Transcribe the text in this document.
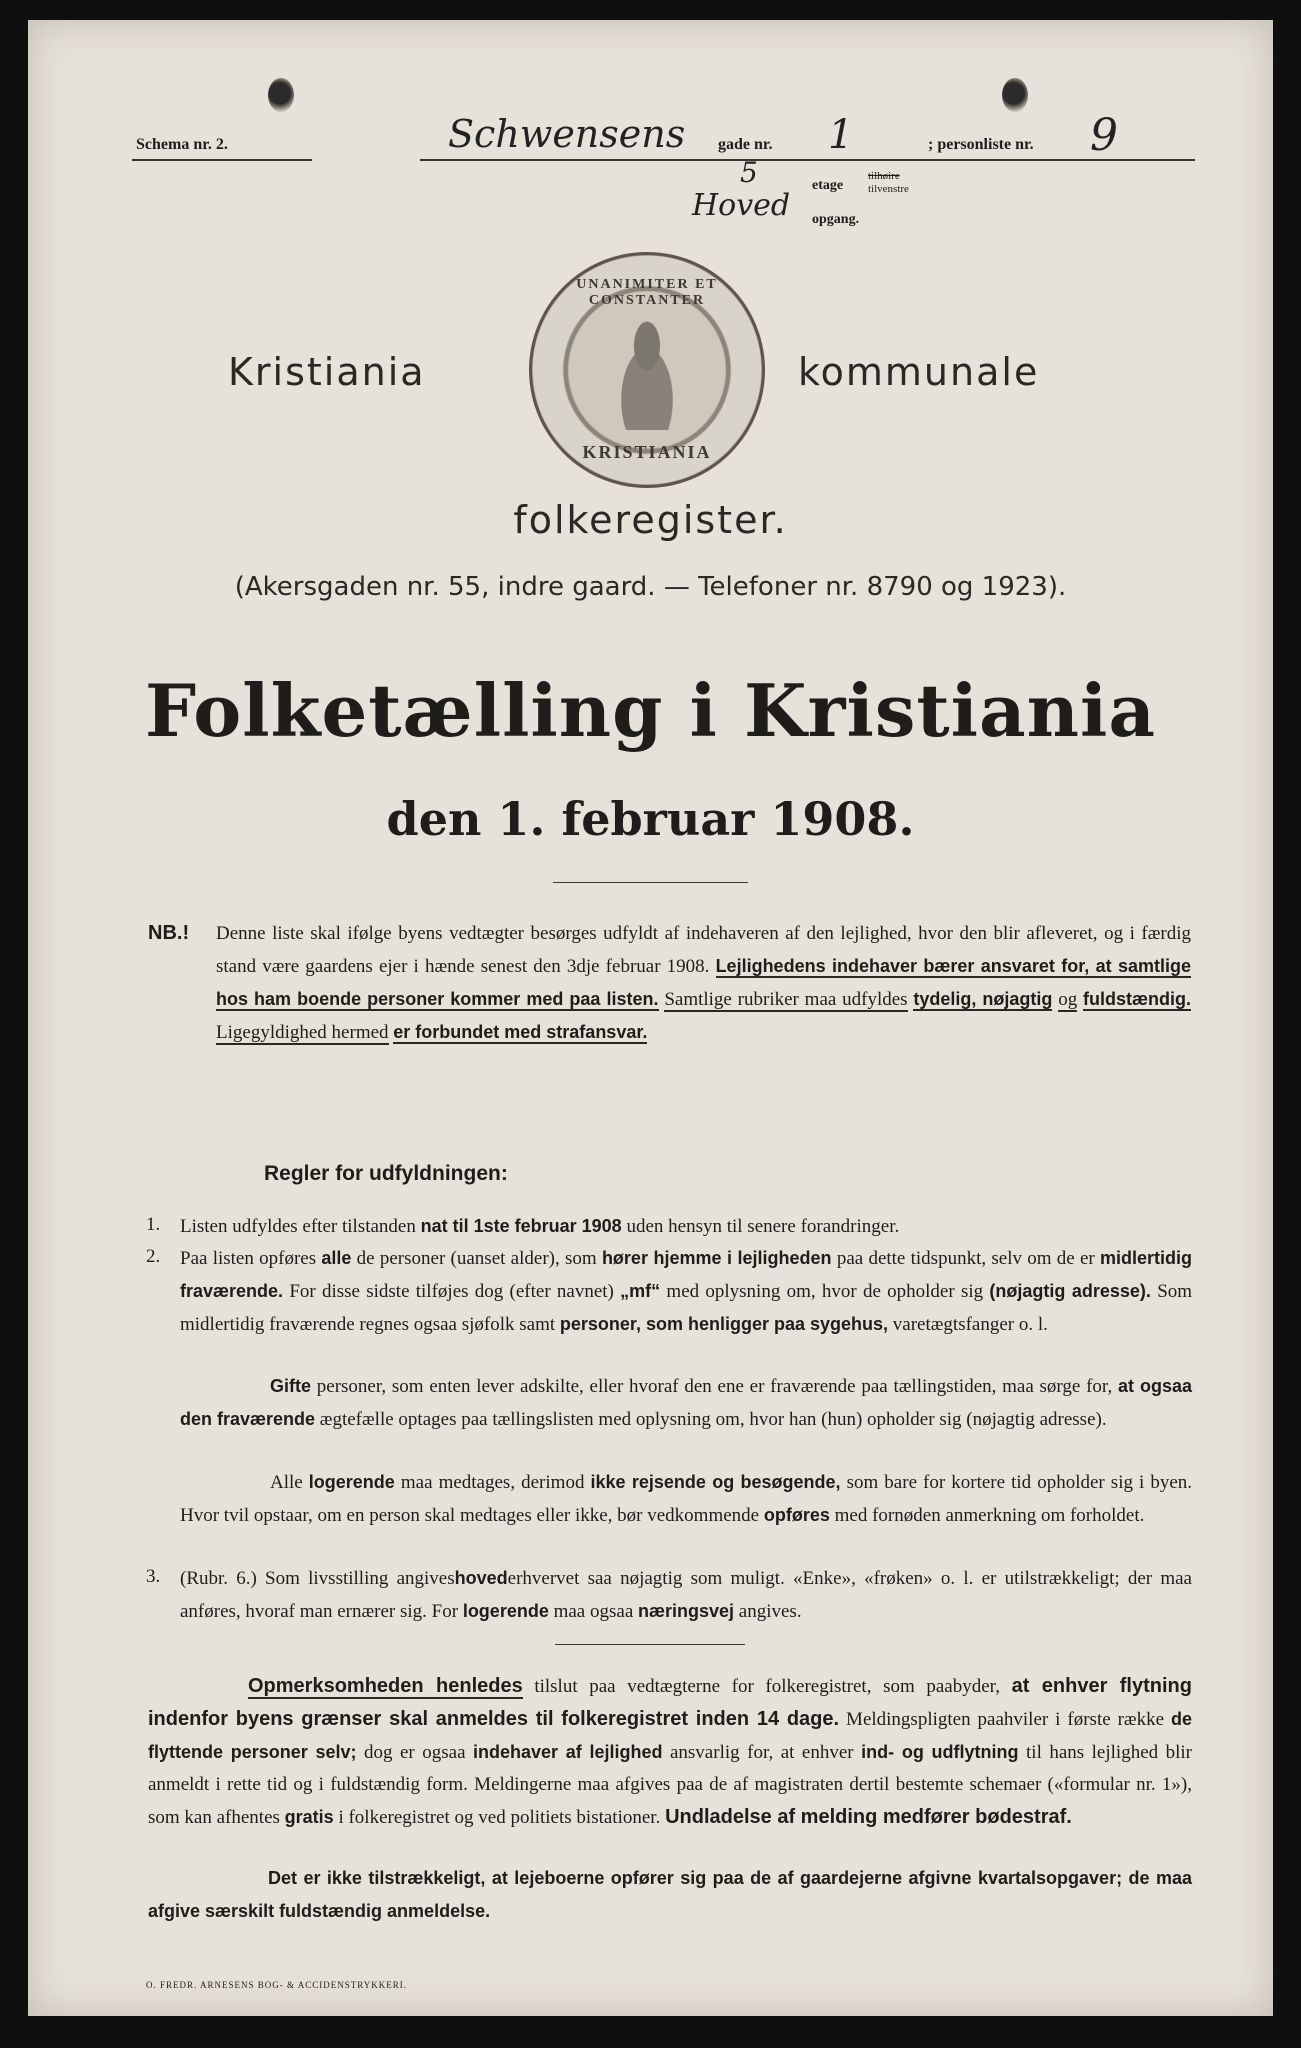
Schema nr. 2.	Schwensens gade nr. 1	; personliste nr. 9
5	etage
tilhøire
tilvenstre
Hoved opgang.
Kristiania
UNANIMITER ET CONSTANTER
KRISTIANIA
kommunale
folkeregister.
(Akersgaden nr. 55, indre gaard. — Telefoner nr. 8790 og 1923).
Folketælling i Kristiania
den 1. februar 1908.
NB.! Denne liste skal ifølge byens vedtægter besørges udfyldt af indehaveren af den lejlighed, hvor den blir afleveret, og i færdig stand være gaardens ejer i hænde senest den 3dje februar 1908. Lejlighedens indehaver bærer ansvaret for, at samtlige hos ham boende personer kommer med paa listen. Samtlige rubriker maa udfyldes tydelig, nøjagtig og fuldstændig. Ligegyldighed hermed er forbundet med strafansvar.
Regler for udfyldningen:
1. Listen udfyldes efter tilstanden nat til 1ste februar 1908 uden hensyn til senere forandringer.
2. Paa listen opføres alle de personer (uanset alder), som hører hjemme i lejligheden paa dette tidspunkt, selv om de er midlertidig fraværende. For disse sidste tilføjes dog (efter navnet) „mf“ med oplysning om, hvor de opholder sig (nøjagtig adresse). Som midlertidig fraværende regnes ogsaa sjøfolk samt personer, som henligger paa sygehus, varetægtsfanger o. l.
Gifte personer, som enten lever adskilte, eller hvoraf den ene er fraværende paa tællingstiden, maa sørge for, at ogsaa den fraværende ægtefælle optages paa tællingslisten med oplysning om, hvor han (hun) opholder sig (nøjagtig adresse).
Alle logerende maa medtages, derimod ikke rejsende og besøgende, som bare for kortere tid opholder sig i byen. Hvor tvil opstaar, om en person skal medtages eller ikke, bør vedkommende opføres med fornøden anmerkning om forholdet.
3. (Rubr. 6.) Som livsstilling angiveshovederhvervet saa nøjagtig som muligt. «Enke», «frøken» o. l. er utilstrækkeligt; der maa anføres, hvoraf man ernærer sig. For logerende maa ogsaa næringsvej angives.
Opmerksomheden henledes tilslut paa vedtægterne for folkeregistret, som paabyder, at enhver flytning indenfor byens grænser skal anmeldes til folkeregistret inden 14 dage. Meldingspligten paahviler i første række de flyttende personer selv; dog er ogsaa indehaver af lejlighed ansvarlig for, at enhver ind- og udflytning til hans lejlighed blir anmeldt i rette tid og i fuldstændig form. Meldingerne maa afgives paa de af magistraten dertil bestemte schemaer («formular nr. 1»), som kan afhentes gratis i folkeregistret og ved politiets bistationer. Undladelse af melding medfører bødestraf.
Det er ikke tilstrækkeligt, at lejeboerne opfører sig paa de af gaardejerne afgivne kvartalsopgaver; de maa afgive særskilt fuldstændig anmeldelse.
O. FREDR. ARNESENS BOG- & ACCIDENSTRYKKERI.
